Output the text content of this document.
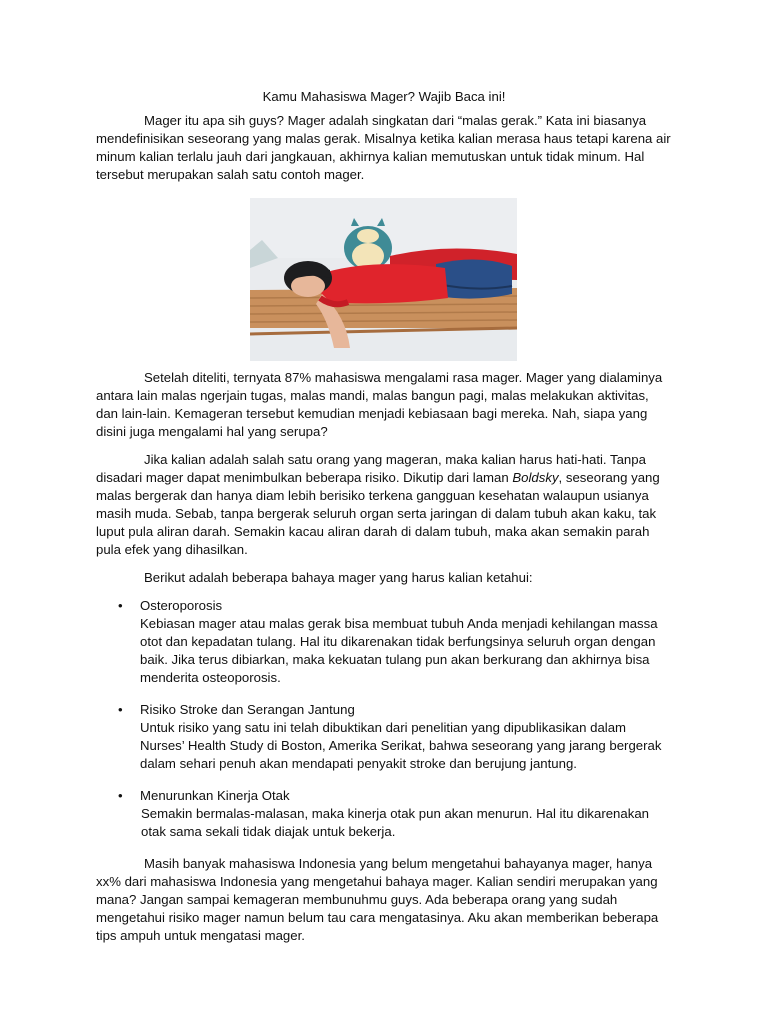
Kamu Mahasiswa Mager? Wajib Baca ini!

Mager itu apa sih guys? Mager adalah singkatan dari “malas gerak.” Kata ini biasanya mendefinisikan seseorang yang malas gerak. Misalnya ketika kalian merasa haus tetapi karena air minum kalian terlalu jauh dari jangkauan, akhirnya kalian memutuskan untuk tidak minum. Hal tersebut merupakan salah satu contoh mager.

Setelah diteliti, ternyata 87% mahasiswa mengalami rasa mager. Mager yang dialaminya antara lain malas ngerjain tugas, malas mandi, malas bangun pagi, malas melakukan aktivitas, dan lain-lain. Kemageran tersebut kemudian menjadi kebiasaan bagi mereka. Nah, siapa yang disini juga mengalami hal yang serupa?

Jika kalian adalah salah satu orang yang mageran, maka kalian harus hati-hati. Tanpa disadari mager dapat menimbulkan beberapa risiko. Dikutip dari laman Boldsky, seseorang yang malas bergerak dan hanya diam lebih berisiko terkena gangguan kesehatan walaupun usianya masih muda. Sebab, tanpa bergerak seluruh organ serta jaringan di dalam tubuh akan kaku, tak luput pula aliran darah. Semakin kacau aliran darah di dalam tubuh, maka akan semakin parah pula efek yang dihasilkan.

Berikut adalah beberapa bahaya mager yang harus kalian ketahui:

• Osteroporosis
Kebiasan mager atau malas gerak bisa membuat tubuh Anda menjadi kehilangan massa otot dan kepadatan tulang. Hal itu dikarenakan tidak berfungsinya seluruh organ dengan baik. Jika terus dibiarkan, maka kekuatan tulang pun akan berkurang dan akhirnya bisa menderita osteoporosis.
• Risiko Stroke dan Serangan Jantung
Untuk risiko yang satu ini telah dibuktikan dari penelitian yang dipublikasikan dalam Nurses’ Health Study di Boston, Amerika Serikat, bahwa seseorang yang jarang bergerak dalam sehari penuh akan mendapati penyakit stroke dan berujung jantung.
• Menurunkan Kinerja Otak
Semakin bermalas-malasan, maka kinerja otak pun akan menurun. Hal itu dikarenakan otak sama sekali tidak diajak untuk bekerja.

Masih banyak mahasiswa Indonesia yang belum mengetahui bahayanya mager, hanya xx% dari mahasiswa Indonesia yang mengetahui bahaya mager. Kalian sendiri merupakan yang mana? Jangan sampai kemageran membunuhmu guys. Ada beberapa orang yang sudah mengetahui risiko mager namun belum tau cara mengatasinya. Aku akan memberikan beberapa tips ampuh untuk mengatasi mager.
